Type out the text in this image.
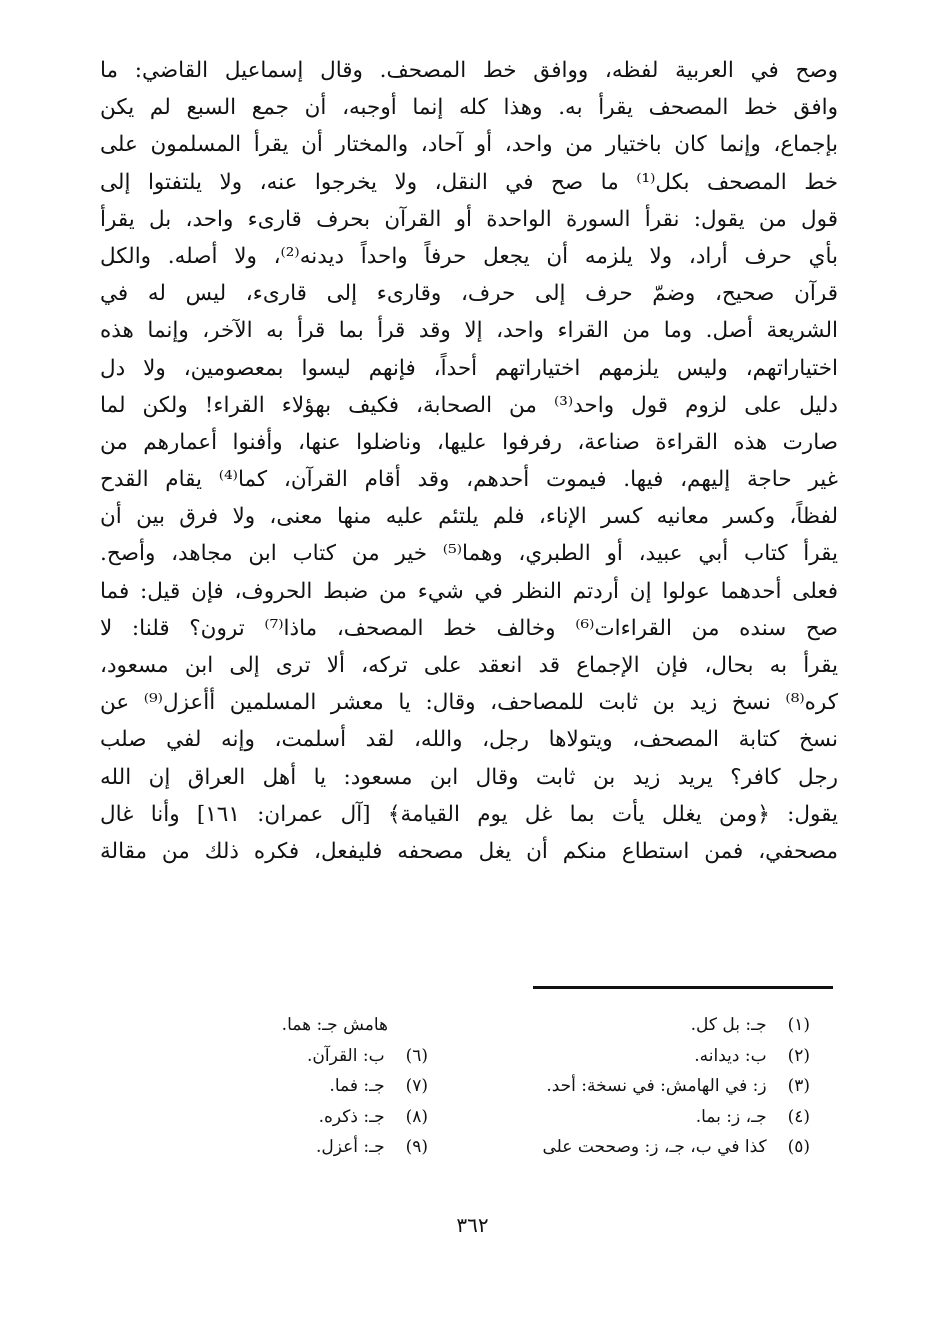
وصح في العربية لفظه، ووافق خط المصحف. وقال إسماعيل القاضي: ما
وافق خط المصحف يقرأ به. وهذا كله إنما أوجبه، أن جمع السبع لم يكن
بإجماع، وإنما كان باختيار من واحد، أو آحاد، والمختار أن يقرأ المسلمون على
خط المصحف بكل⁽¹⁾ ما صح في النقل، ولا يخرجوا عنه، ولا يلتفتوا إلى
قول من يقول: نقرأ السورة الواحدة أو القرآن بحرف قارىء واحد، بل يقرأ
بأي حرف أراد، ولا يلزمه أن يجعل حرفاً واحداً ديدنه⁽²⁾، ولا أصله. والكل
قرآن صحيح، وضمّ حرف إلى حرف، وقارىء إلى قارىء، ليس له في
الشريعة أصل. وما من القراء واحد، إلا وقد قرأ بما قرأ به الآخر، وإنما هذه
اختياراتهم، وليس يلزمهم اختياراتهم أحداً، فإنهم ليسوا بمعصومين، ولا دل
دليل على لزوم قول واحد⁽³⁾ من الصحابة، فكيف بهؤلاء القراء! ولكن لما
صارت هذه القراءة صناعة، رفرفوا عليها، وناضلوا عنها، وأفنوا أعمارهم من
غير حاجة إليهم، فيها. فيموت أحدهم، وقد أقام القرآن، كما⁽⁴⁾ يقام القدح
لفظاً، وكسر معانيه كسر الإناء، فلم يلتئم عليه منها معنى، ولا فرق بين أن
يقرأ كتاب أبي عبيد، أو الطبري، وهما⁽⁵⁾ خير من كتاب ابن مجاهد، وأصح.
فعلى أحدهما عولوا إن أردتم النظر في شيء من ضبط الحروف، فإن قيل: فما
صح سنده من القراءات⁽⁶⁾ وخالف خط المصحف، ماذا⁽⁷⁾ ترون؟ قلنا: لا
يقرأ به بحال، فإن الإجماع قد انعقد على تركه، ألا ترى إلى ابن مسعود،
كره⁽⁸⁾ نسخ زيد بن ثابت للمصاحف، وقال: يا معشر المسلمين أأعزل⁽⁹⁾ عن
نسخ كتابة المصحف، ويتولاها رجل، والله، لقد أسلمت، وإنه لفي صلب
رجل كافر؟ يريد زيد بن ثابت وقال ابن مسعود: يا أهل العراق إن الله
يقول: ﴿ومن يغلل يأت بما غل يوم القيامة﴾ [آل عمران: ١٦١] وأنا غال
مصحفي، فمن استطاع منكم أن يغل مصحفه فليفعل، فكره ذلك من مقالة
(١) جـ: بل كل.
(٢) ب: ديدانه.
(٣) ز: في الهامش: في نسخة: أحد.
(٤) جـ، ز: بما.
(٥) كذا في ب، جـ، ز: وصححت على
هامش جـ: هما.
(٦) ب: القرآن.
(٧) جـ: فما.
(٨) جـ: ذكره.
(٩) جـ: أعزل.
٣٦٢
